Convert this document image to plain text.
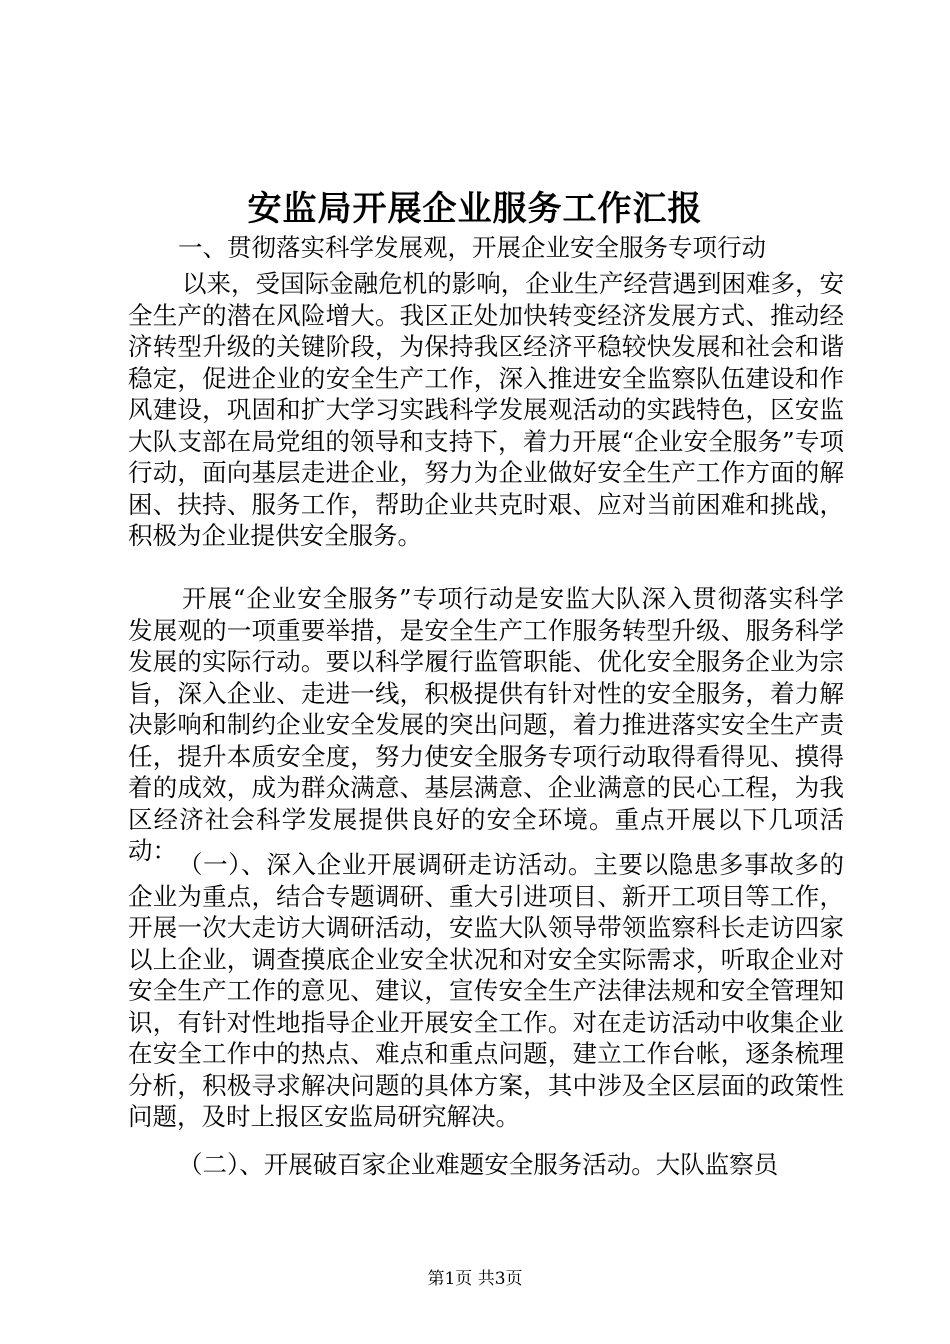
安监局开展企业服务工作汇报

一、贯彻落实科学发展观，开展企业安全服务专项行动

以来，受国际金融危机的影响，企业生产经营遇到困难多，安全生产的潜在风险增大。我区正处加快转变经济发展方式、推动经济转型升级的关键阶段，为保持我区经济平稳较快发展和社会和谐稳定，促进企业的安全生产工作，深入推进安全监察队伍建设和作风建设，巩固和扩大学习实践科学发展观活动的实践特色，区安监大队支部在局党组的领导和支持下，着力开展“企业安全服务”专项行动，面向基层走进企业，努力为企业做好安全生产工作方面的解困、扶持、服务工作，帮助企业共克时艰、应对当前困难和挑战，积极为企业提供安全服务。

开展“企业安全服务”专项行动是安监大队深入贯彻落实科学发展观的一项重要举措，是安全生产工作服务转型升级、服务科学发展的实际行动。要以科学履行监管职能、优化安全服务企业为宗旨，深入企业、走进一线，积极提供有针对性的安全服务，着力解决影响和制约企业安全发展的突出问题，着力推进落实安全生产责任，提升本质安全度，努力使安全服务专项行动取得看得见、摸得着的成效，成为群众满意、基层满意、企业满意的民心工程，为我区经济社会科学发展提供良好的安全环境。重点开展以下几项活动： （一）、深入企业开展调研走访活动。主要以隐患多事故多的企业为重点，结合专题调研、重大引进项目、新开工项目等工作，开展一次大走访大调研活动，安监大队领导带领监察科长走访四家以上企业，调查摸底企业安全状况和对安全实际需求，听取企业对安全生产工作的意见、建议，宣传安全生产法律法规和安全管理知识，有针对性地指导企业开展安全工作。对在走访活动中收集企业在安全工作中的热点、难点和重点问题，建立工作台帐，逐条梳理分析，积极寻求解决问题的具体方案，其中涉及全区层面的政策性问题，及时上报区安监局研究解决。

（二）、开展破百家企业难题安全服务活动。大队监察员

第1页 共3页
